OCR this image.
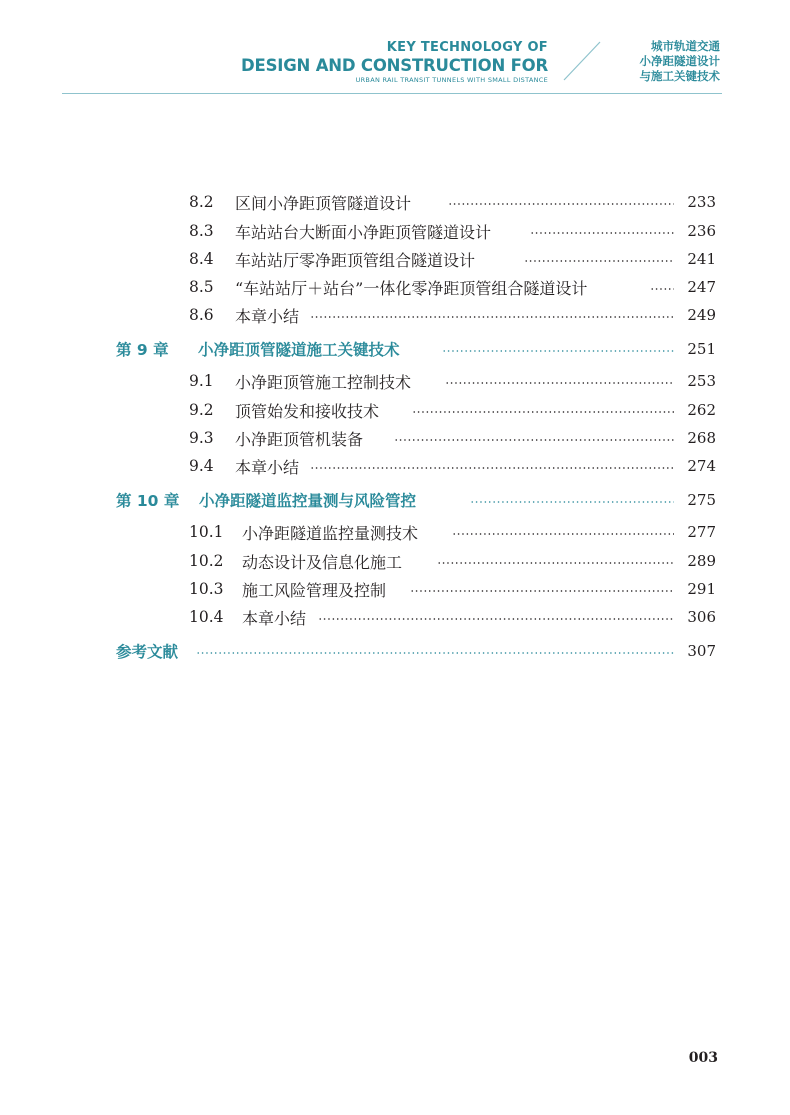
KEY TECHNOLOGY OF
DESIGN AND CONSTRUCTION FOR
URBAN RAIL TRANSIT TUNNELS WITH SMALL DISTANCE
城市轨道交通
小净距隧道设计
与施工关键技术
8.2 区间小净距顶管隧道设计	233
8.3 车站站台大断面小净距顶管隧道设计	236
8.4 车站站厅零净距顶管组合隧道设计	241
8.5 “车站站厅＋站台”一体化零净距顶管组合隧道设计	247
8.6 本章小结	249
第 9 章 小净距顶管隧道施工关键技术	251
9.1 小净距顶管施工控制技术	253
9.2 顶管始发和接收技术	262
9.3 小净距顶管机装备	268
9.4 本章小结	274
第 10 章 小净距隧道监控量测与风险管控	275
10.1 小净距隧道监控量测技术	277
10.2 动态设计及信息化施工	289
10.3 施工风险管理及控制	291
10.4 本章小结	306
参考文献	307
003
